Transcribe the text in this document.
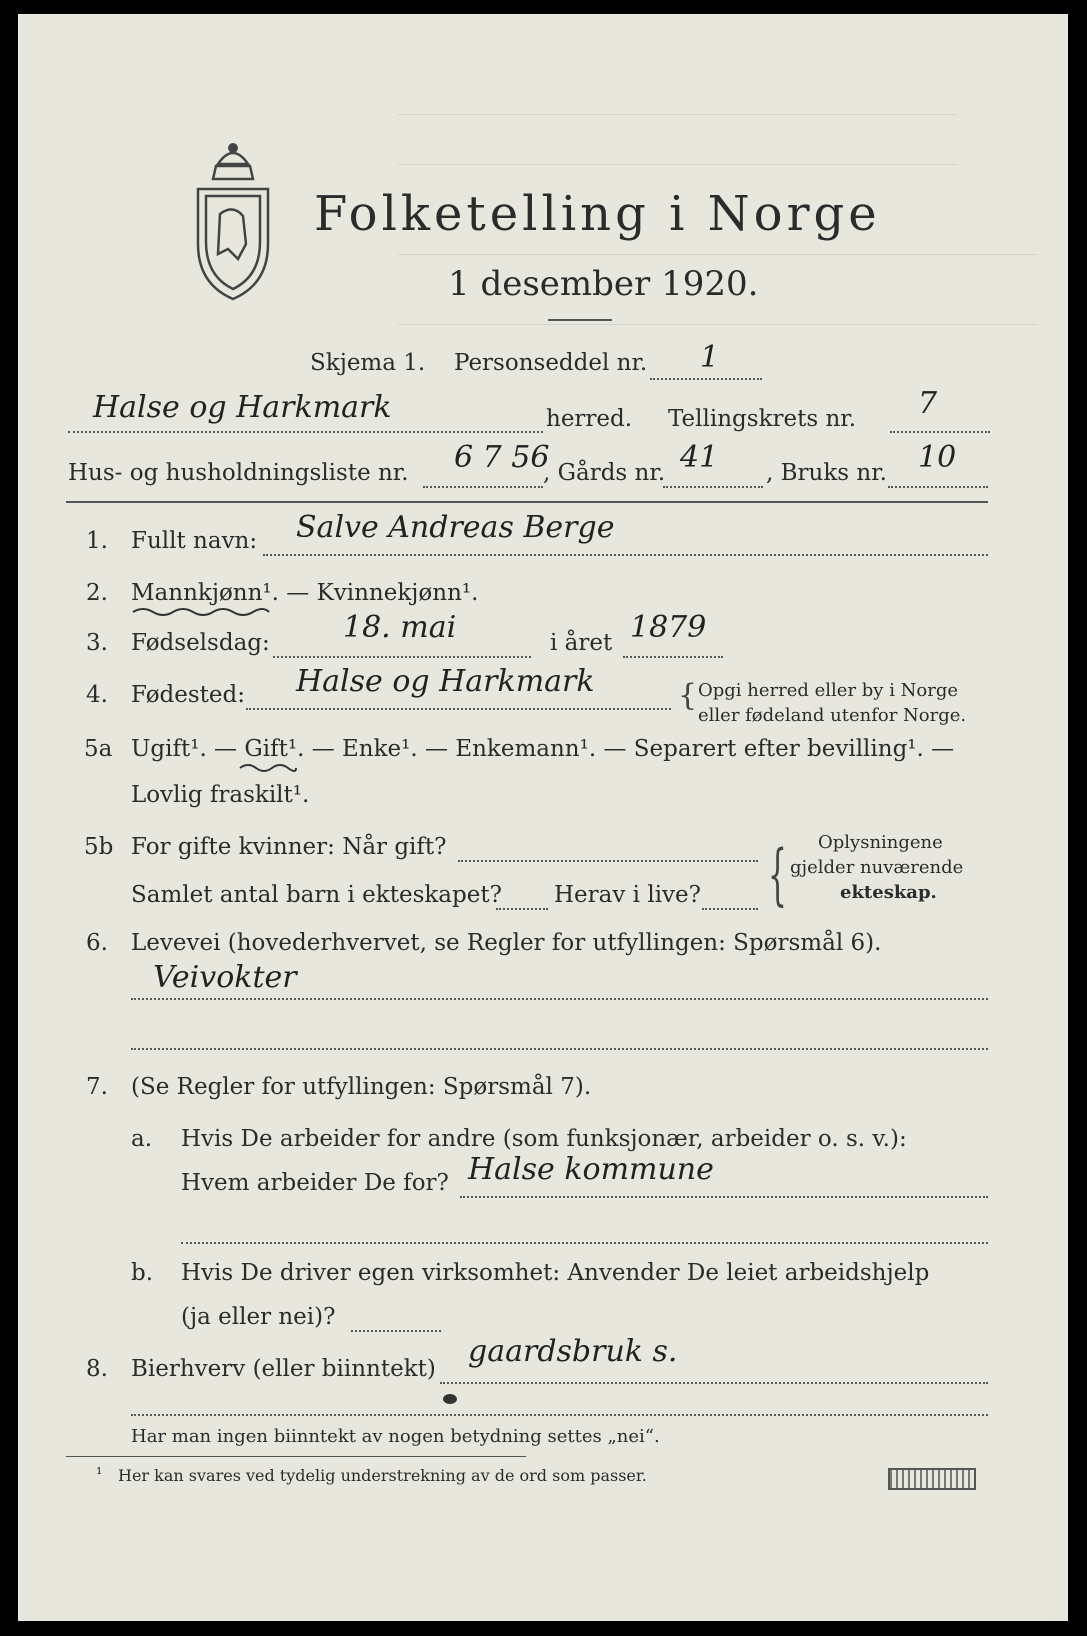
Folketelling i Norge
1 desember 1920.
Skjema 1. Personseddel nr. 1
Halse og Harkmark	herred. Tellingskrets nr. 7
Hus- og husholdningsliste nr. 6 7 56
, Gårds nr. 41 , Bruks nr. 10
1. Fullt navn: Salve Andreas Berge
2. Mannkjønn¹. — Kvinnekjønn¹.
3. Fødselsdag: 18. mai	i året 1879
4. Fødested: Halse og Harkmark	{ Opgi herred eller by i Norge
eller fødeland utenfor Norge.
5a Ugift¹. — Gift¹. — Enke¹. — Enkemann¹. — Separert efter bevilling¹. —
Lovlig fraskilt¹.
5b For gifte kvinner: Når gift?
Samlet antal barn i ekteskapet? Herav i live? { Oplysningene
gjelder nuværende
ekteskap.
6. Levevei (hovederhvervet, se Regler for utfyllingen: Spørsmål 6).
Veivokter
7. (Se Regler for utfyllingen: Spørsmål 7).
a. Hvis De arbeider for andre (som funksjonær, arbeider o. s. v.):
Hvem arbeider De for? Halse kommune
b. Hvis De driver egen virksomhet: Anvender De leiet arbeidshjelp
(ja eller nei)?
8. Bierhverv (eller biinntekt) gaardsbruk s.
Har man ingen biinntekt av nogen betydning settes „nei“.
¹ Her kan svares ved tydelig understrekning av de ord som passer.
